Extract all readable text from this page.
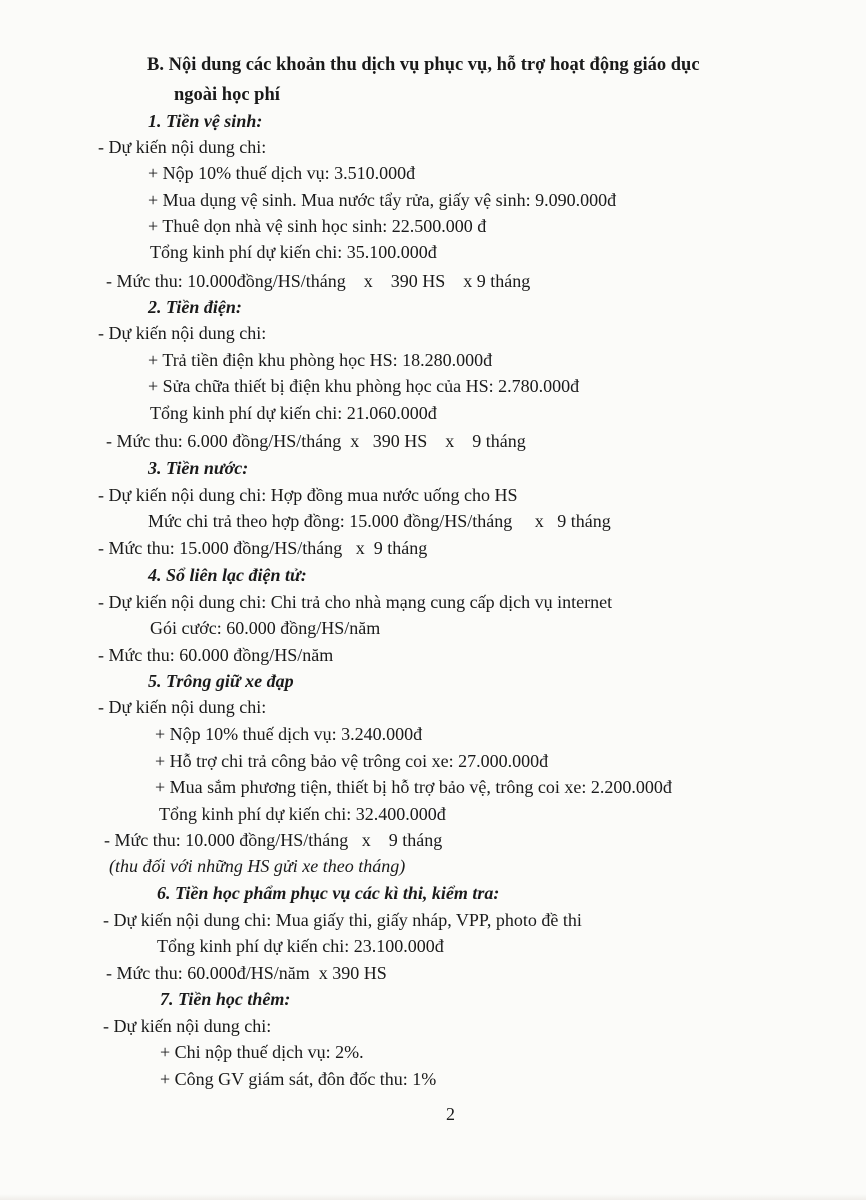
B. Nội dung các khoản thu dịch vụ phục vụ, hỗ trợ hoạt động giáo dục
ngoài học phí
1. Tiền vệ sinh:
- Dự kiến nội dung chi:
+ Nộp 10% thuế dịch vụ: 3.510.000đ
+ Mua dụng vệ sinh. Mua nước tẩy rửa, giấy vệ sinh: 9.090.000đ
+ Thuê dọn nhà vệ sinh học sinh: 22.500.000 đ
Tổng kinh phí dự kiến chi: 35.100.000đ
- Mức thu: 10.000đồng/HS/tháng    x    390 HS    x 9 tháng
2. Tiền điện:
- Dự kiến nội dung chi:
+ Trả tiền điện khu phòng học HS: 18.280.000đ
+ Sửa chữa thiết bị điện khu phòng học của HS: 2.780.000đ
Tổng kinh phí dự kiến chi: 21.060.000đ
- Mức thu: 6.000 đồng/HS/tháng  x   390 HS    x    9 tháng
3. Tiền nước:
- Dự kiến nội dung chi: Hợp đồng mua nước uống cho HS
Mức chi trả theo hợp đồng: 15.000 đồng/HS/tháng     x   9 tháng
- Mức thu: 15.000 đồng/HS/tháng   x  9 tháng
4. Sổ liên lạc điện tử:
- Dự kiến nội dung chi: Chi trả cho nhà mạng cung cấp dịch vụ internet
Gói cước: 60.000 đồng/HS/năm
- Mức thu: 60.000 đồng/HS/năm
5. Trông giữ xe đạp
- Dự kiến nội dung chi:
+ Nộp 10% thuế dịch vụ: 3.240.000đ
+ Hỗ trợ chi trả công bảo vệ trông coi xe: 27.000.000đ
+ Mua sắm phương tiện, thiết bị hỗ trợ bảo vệ, trông coi xe: 2.200.000đ
Tổng kinh phí dự kiến chi: 32.400.000đ
- Mức thu: 10.000 đồng/HS/tháng   x    9 tháng
(thu đối với những HS gửi xe theo tháng)
6. Tiền học phẩm phục vụ các kì thi, kiểm tra:
- Dự kiến nội dung chi: Mua giấy thi, giấy nháp, VPP, photo đề thi
Tổng kinh phí dự kiến chi: 23.100.000đ
- Mức thu: 60.000đ/HS/năm  x 390 HS
7. Tiền học thêm:
- Dự kiến nội dung chi:
+ Chi nộp thuế dịch vụ: 2%.
+ Công GV giám sát, đôn đốc thu: 1%
2
